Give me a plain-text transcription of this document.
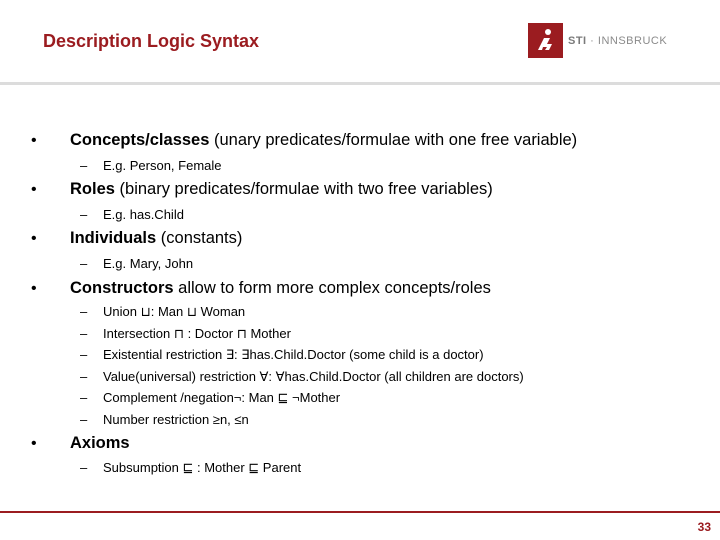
Description Logic Syntax	STI · INNSBRUCK
• Concepts/classes (unary predicates/formulae with one free variable)
– E.g. Person, Female
• Roles (binary predicates/formulae with two free variables)
– E.g. has.Child
• Individuals (constants)
– E.g. Mary, John
• Constructors allow to form more complex concepts/roles
– Union ⊔: Man ⊔ Woman
– Intersection ⊓ : Doctor ⊓ Mother
– Existential restriction ∃: ∃has.Child.Doctor (some child is a doctor)
– Value(universal) restriction ∀: ∀has.Child.Doctor (all children are doctors)
– Complement /negation¬: Man ⊑ ¬Mother
– Number restriction ≥n, ≤n
• Axioms
– Subsumption ⊑ : Mother ⊑ Parent
33
